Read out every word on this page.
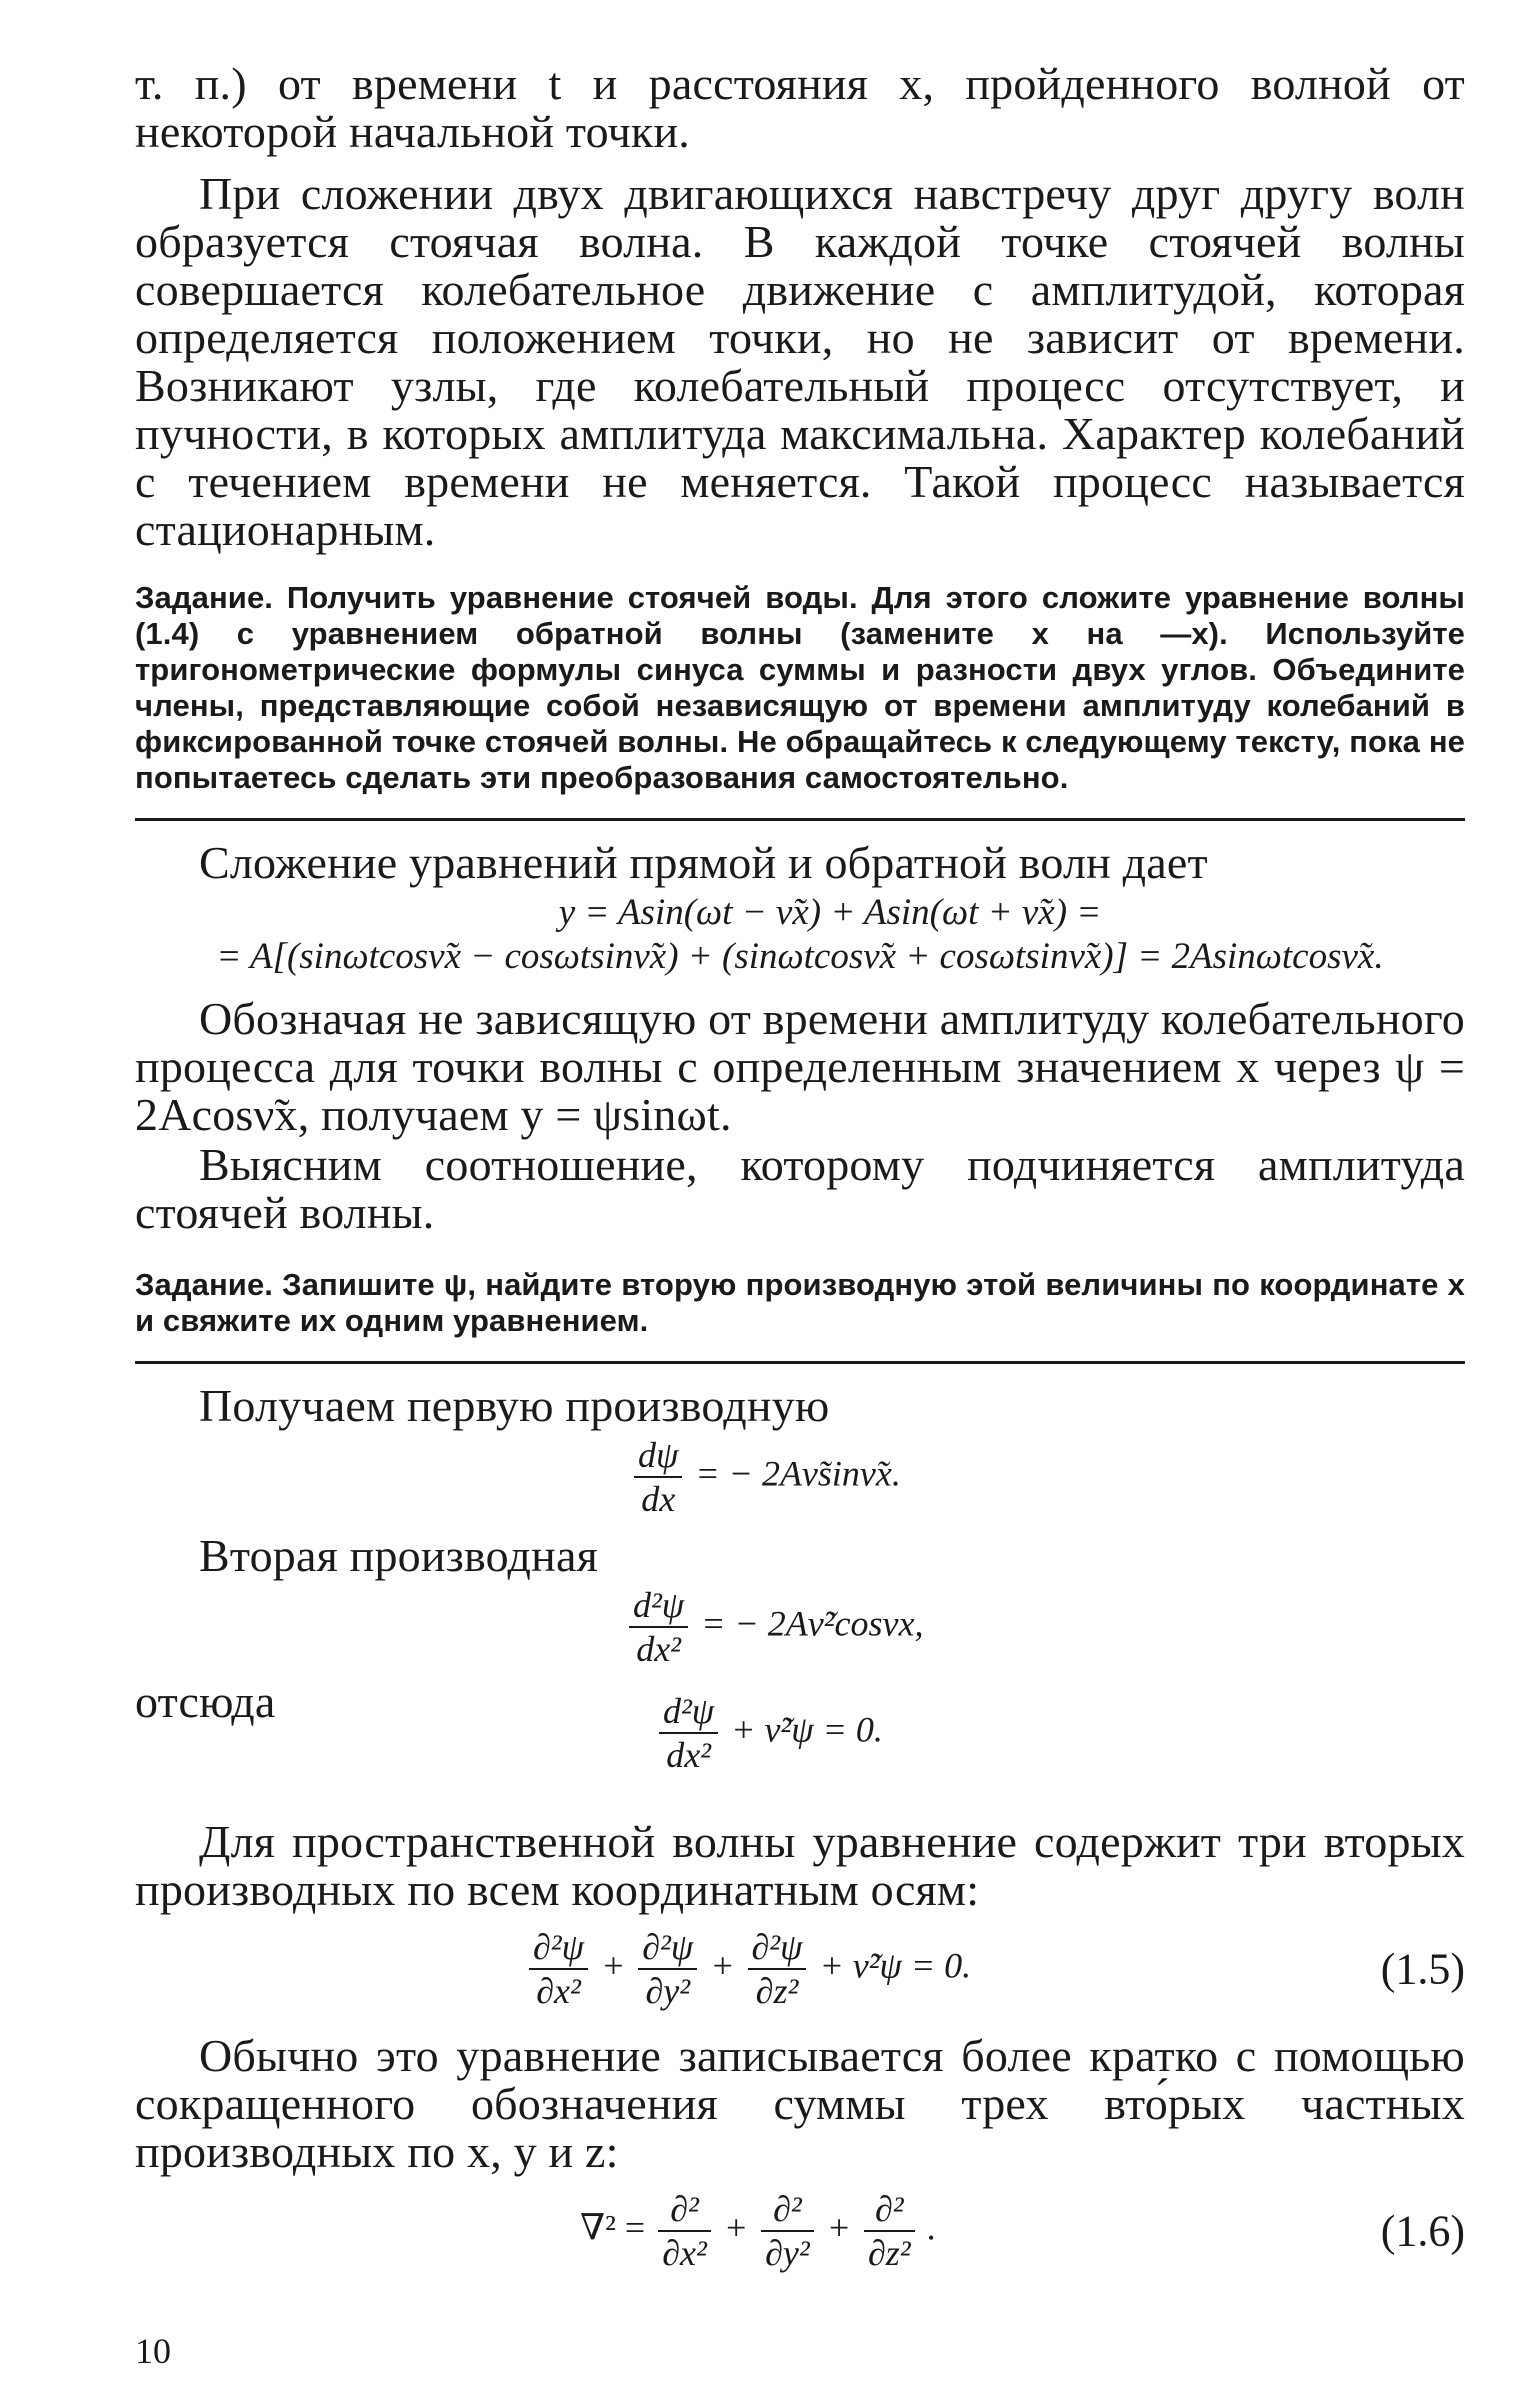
т. п.) от времени t и расстояния x, пройденного волной от некоторой начальной точки.

При сложении двух двигающихся навстречу друг другу волн образуется стоячая волна. В каждой точке стоячей волны совершается колебательное движение с амплитудой, которая определяется положением точки, но не зависит от времени. Возникают узлы, где колебательный процесс отсутствует, и пучности, в которых амплитуда максимальна. Характер колебаний с течением времени не меняется. Такой процесс называется стационарным.

Задание. Получить уравнение стоячей воды. Для этого сложите уравнение волны (1.4) с уравнением обратной волны (замените x на —x). Используйте тригонометрические формулы синуса суммы и разности двух углов. Объедините члены, представляющие собой независящую от времени амплитуду колебаний в фиксированной точке стоячей волны. Не обращайтесь к следующему тексту, пока не попытаетесь сделать эти преобразования самостоятельно.

Сложение уравнений прямой и обратной волн дает

y = Asin(ωt − ν̃x) + Asin(ωt + ν̃x) =

= A[(sinωtcosν̃x − cosωtsinν̃x) + (sinωtcosν̃x + cosωtsinν̃x)] = 2Asinωtcosν̃x.

Обозначая не зависящую от времени амплитуду колебательного процесса для точки волны с определенным значением x через ψ = 2Acosν̃x, получаем y = ψsinωt.

Выясним соотношение, которому подчиняется амплитуда стоячей волны.

Задание. Запишите ψ, найдите вторую производную этой величины по координате x и свяжите их одним уравнением.

Получаем первую производную

$\frac{d\psi}{dx}$ = − 2Aν̃sinν̃x.

Вторая производная

$\frac{\text{d²ψ}}{\text{dx²}}$ = − 2Aν̃²cosνx,

отсюда	$\frac{\text{d²ψ}}{\text{dx²}}$ + ν̃²ψ = 0.

Для пространственной волны уравнение содержит три вторых производных по всем координатным осям:

$\frac{\text{∂²ψ}}{\text{∂x²}} + \frac{\text{∂²ψ}}{\text{∂y²}} + \frac{\text{∂²ψ}}{\text{∂z²}}$ + ν̃²ψ = 0.	(1.5)

Обычно это уравнение записывается более кратко с помощью сокращенного обозначения суммы трех вто́рых частных производных по x, y и z:

$\nabla^2 = \frac{\text{∂²}}{\text{∂x²}} + \frac{\text{∂²}}{\text{∂y²}} + \frac{\text{∂²}}{\text{∂z²}}$ .	(1.6)
10
